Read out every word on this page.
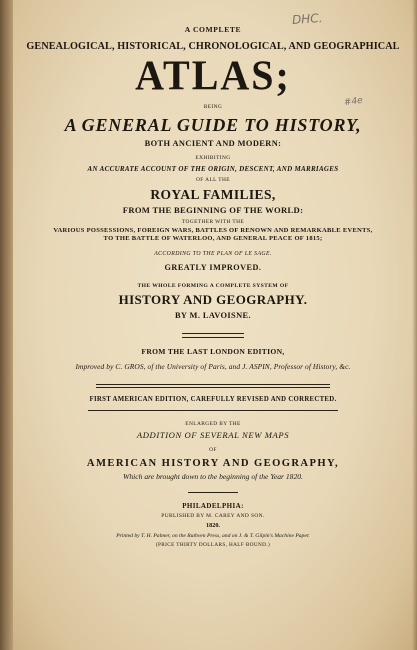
DHC.
#4e
A COMPLETE
GENEALOGICAL, HISTORICAL, CHRONOLOGICAL, AND GEOGRAPHICAL
ATLAS;
BEING
A GENERAL GUIDE TO HISTORY,
BOTH ANCIENT AND MODERN:
EXHIBITING
AN ACCURATE ACCOUNT OF THE ORIGIN, DESCENT, AND MARRIAGES
OF ALL THE
ROYAL FAMILIES,
FROM THE BEGINNING OF THE WORLD:
TOGETHER WITH THE
VARIOUS POSSESSIONS, FOREIGN WARS, BATTLES OF RENOWN AND REMARKABLE EVENTS,
TO THE BATTLE OF WATERLOO, AND GENERAL PEACE OF 1815;
ACCORDING TO THE PLAN OF LE SAGE.
GREATLY IMPROVED.
THE WHOLE FORMING A COMPLETE SYSTEM OF
HISTORY AND GEOGRAPHY.
BY M. LAVOISNE.
FROM THE LAST LONDON EDITION,
Improved by C. GROS, of the University of Paris, and J. ASPIN, Professor of History, &c.
FIRST AMERICAN EDITION, CAREFULLY REVISED AND CORRECTED.
ENLARGED BY THE
ADDITION OF SEVERAL NEW MAPS
OF
AMERICAN HISTORY AND GEOGRAPHY,
Which are brought down to the beginning of the Year 1820.
PHILADELPHIA:
PUBLISHED BY M. CAREY AND SON.
1820.
Printed by T. H. Palmer, on the Ruthven Press, and on J. & T. Gilpin's Machine Paper.
(PRICE THIRTY DOLLARS, HALF BOUND.)
